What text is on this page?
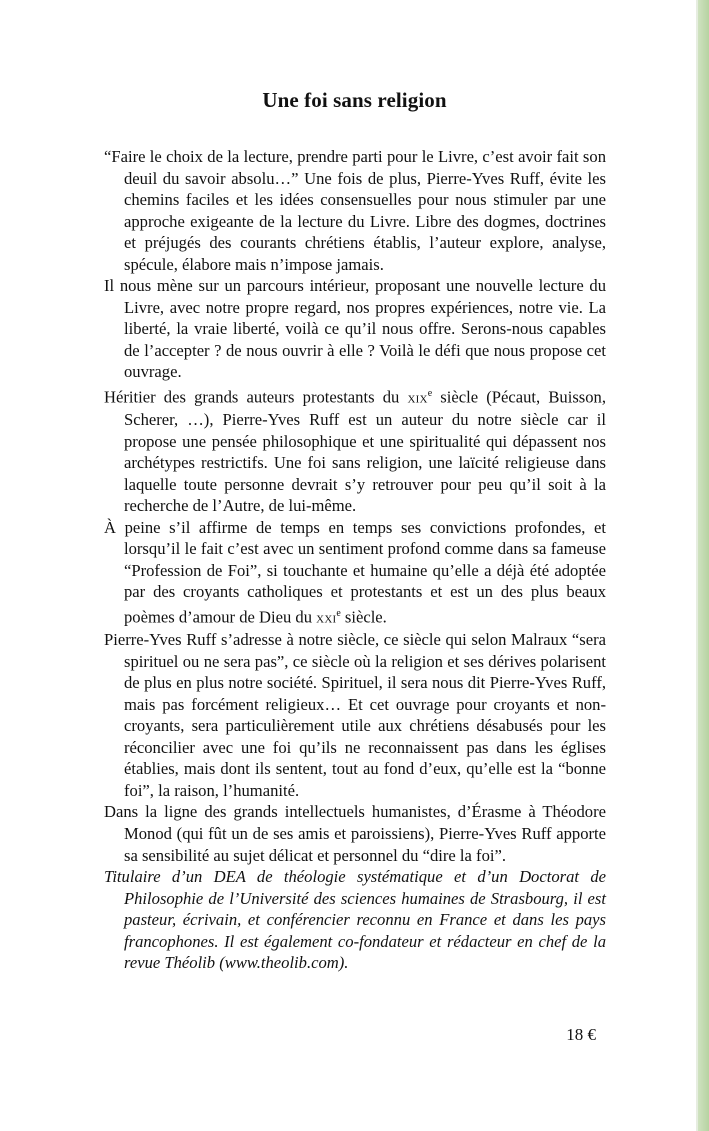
Une foi sans religion

“Faire le choix de la lecture, prendre parti pour le Livre, c’est avoir fait son deuil du savoir absolu…” Une fois de plus, Pierre-Yves Ruff, évite les chemins faciles et les idées consensuelles pour nous stimuler par une approche exigeante de la lecture du Livre. Libre des dogmes, doctrines et préjugés des courants chrétiens établis, l’auteur explore, analyse, spécule, élabore mais n’impose jamais.

Il nous mène sur un parcours intérieur, proposant une nouvelle lecture du Livre, avec notre propre regard, nos propres expériences, notre vie. La liberté, la vraie liberté, voilà ce qu’il nous offre. Serons-nous capables de l’accepter ? de nous ouvrir à elle ? Voilà le défi que nous propose cet ouvrage.

Héritier des grands auteurs protestants du xix$^e$ siècle (Pécaut, Buisson, Scherer, …), Pierre-Yves Ruff est un auteur du notre siècle car il propose une pensée philosophique et une spiritualité qui dépassent nos archétypes restrictifs. Une foi sans religion, une laïcité religieuse dans laquelle toute personne devrait s’y retrouver pour peu qu’il soit à la recherche de l’Autre, de lui-même.

À peine s’il affirme de temps en temps ses convictions profondes, et lorsqu’il le fait c’est avec un sentiment profond comme dans sa fameuse “Profession de Foi”, si touchante et humaine qu’elle a déjà été adoptée par des croyants catholiques et protestants et est un des plus beaux poèmes d’amour de Dieu du xxi$^e$ siècle.

Pierre-Yves Ruff s’adresse à notre siècle, ce siècle qui selon Malraux “sera spirituel ou ne sera pas”, ce siècle où la religion et ses dérives polarisent de plus en plus notre société. Spirituel, il sera nous dit Pierre-Yves Ruff, mais pas forcément religieux… Et cet ouvrage pour croyants et non-croyants, sera particulièrement utile aux chrétiens désabusés pour les réconcilier avec une foi qu’ils ne reconnaissent pas dans les églises établies, mais dont ils sentent, tout au fond d’eux, qu’elle est la “bonne foi”, la raison, l’humanité.

Dans la ligne des grands intellectuels humanistes, d’Érasme à Théodore Monod (qui fût un de ses amis et paroissiens), Pierre-Yves Ruff apporte sa sensibilité au sujet délicat et personnel du “dire la foi”.

Titulaire d’un DEA de théologie systématique et d’un Doctorat de Philosophie de l’Université des sciences humaines de Strasbourg, il est pasteur, écrivain, et conférencier reconnu en France et dans les pays francophones. Il est également co-fondateur et rédacteur en chef de la revue Théolib (www.theolib.com).

18 €
